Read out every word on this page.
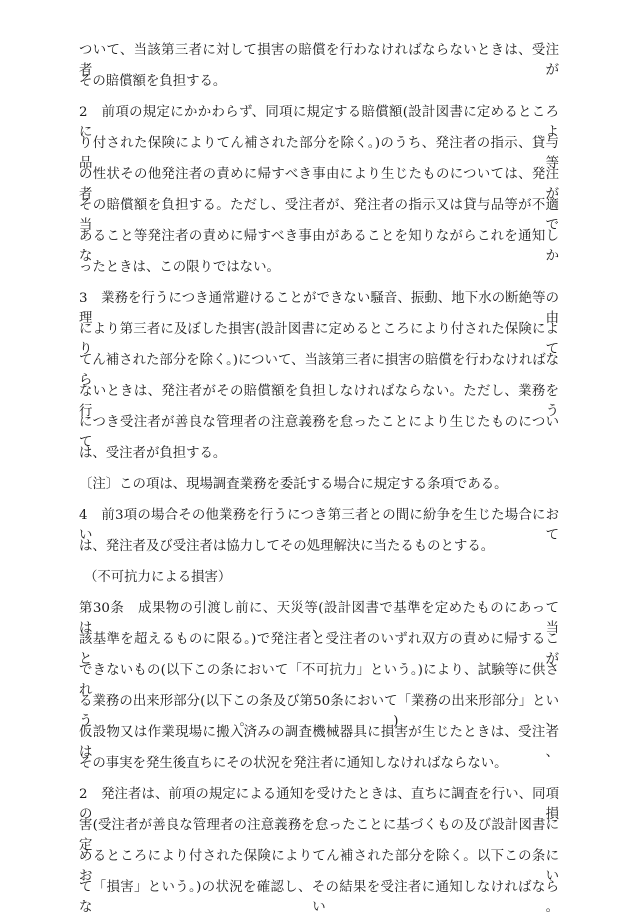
ついて、当該第三者に対して損害の賠償を行わなければならないときは、受注者が
その賠償額を負担する。
2　前項の規定にかかわらず、同項に規定する賠償額(設計図書に定めるところによ
り付された保険によりてん補された部分を除く。)のうち、発注者の指示、貸与品等
の性状その他発注者の責めに帰すべき事由により生じたものについては、発注者が
その賠償額を負担する。ただし、受注者が、発注者の指示又は貸与品等が不適当で
あること等発注者の責めに帰すべき事由があることを知りながらこれを通知しなか
ったときは、この限りではない。
3　業務を行うにつき通常避けることができない騒音、振動、地下水の断絶等の理由
により第三者に及ぼした損害(設計図書に定めるところにより付された保険によりて
てん補された部分を除く。)について、当該第三者に損害の賠償を行わなければなら
ないときは、発注者がその賠償額を負担しなければならない。ただし、業務を行う
につき受注者が善良な管理者の注意義務を怠ったことにより生じたものについて
は、受注者が負担する。
〔注〕この項は、現場調査業務を委託する場合に規定する条項である。
4　前3項の場合その他業務を行うにつき第三者との間に紛争を生じた場合において
は、発注者及び受注者は協力してその処理解決に当たるものとする。
（不可抗力による損害）
第30条　成果物の引渡し前に、天災等(設計図書で基準を定めたものにあっては、当
該基準を超えるものに限る。)で発注者と受注者のいずれ双方の責めに帰することが
できないもの(以下この条において「不可抗力」という。)により、試験等に供され
る業務の出来形部分(以下この条及び第50条において「業務の出来形部分」という。)、
仮設物又は作業現場に搬入済みの調査機械器具に損害が生じたときは、受注者は、
その事実を発生後直ちにその状況を発注者に通知しなければならない。
2　発注者は、前項の規定による通知を受けたときは、直ちに調査を行い、同項の損
害(受注者が善良な管理者の注意義務を怠ったことに基づくもの及び設計図書に定
めるところにより付された保険によりてん補された部分を除く。以下この条におい
て「損害」という。)の状況を確認し、その結果を受注者に通知しなければならない。
